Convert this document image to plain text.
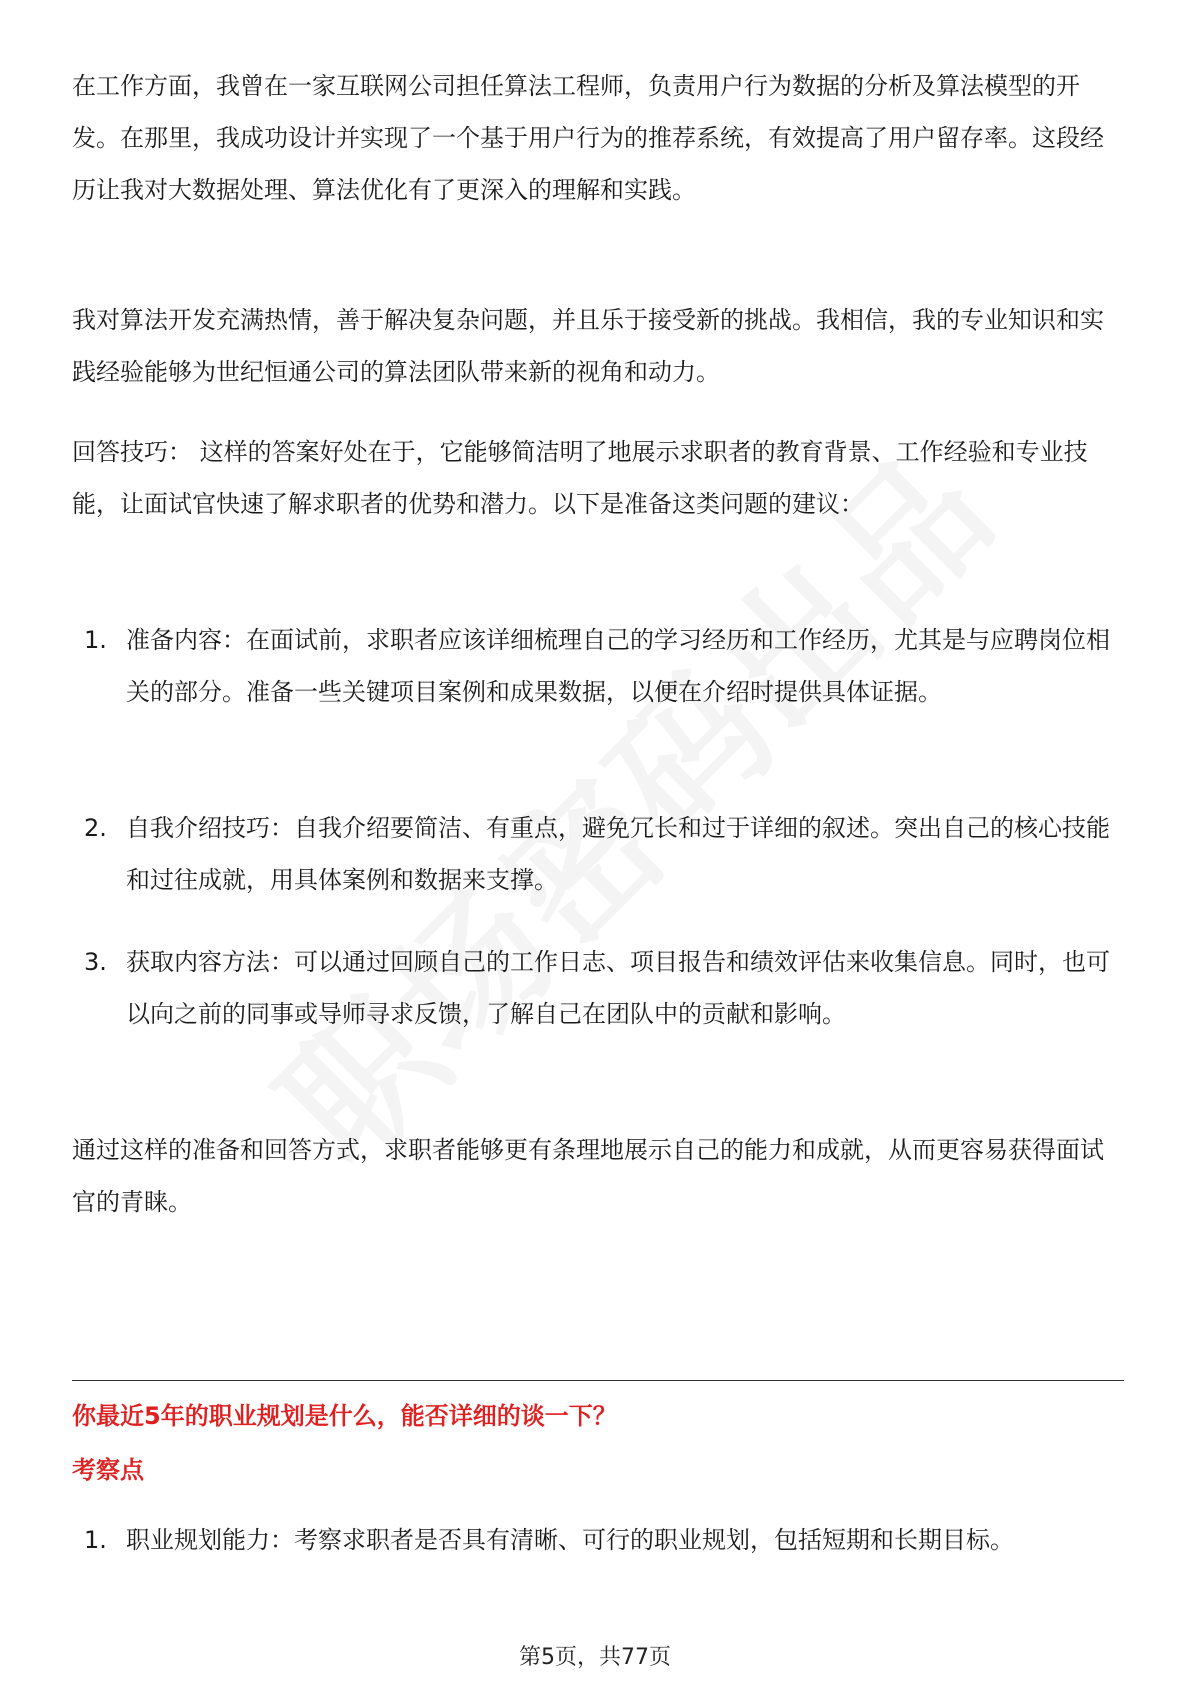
在工作方面，我曾在一家互联网公司担任算法工程师，负责用户行为数据的分析及算法模型的开发。在那里，我成功设计并实现了一个基于用户行为的推荐系统，有效提高了用户留存率。这段经历让我对大数据处理、算法优化有了更深入的理解和实践。

我对算法开发充满热情，善于解决复杂问题，并且乐于接受新的挑战。我相信，我的专业知识和实践经验能够为世纪恒通公司的算法团队带来新的视角和动力。

回答技巧： 这样的答案好处在于，它能够简洁明了地展示求职者的教育背景、工作经验和专业技能，让面试官快速了解求职者的优势和潜力。以下是准备这类问题的建议：

1. 准备内容：在面试前，求职者应该详细梳理自己的学习经历和工作经历，尤其是与应聘岗位相关的部分。准备一些关键项目案例和成果数据，以便在介绍时提供具体证据。
2. 自我介绍技巧：自我介绍要简洁、有重点，避免冗长和过于详细的叙述。突出自己的核心技能和过往成就，用具体案例和数据来支撑。
3. 获取内容方法：可以通过回顾自己的工作日志、项目报告和绩效评估来收集信息。同时，也可以向之前的同事或导师寻求反馈，了解自己在团队中的贡献和影响。

通过这样的准备和回答方式，求职者能够更有条理地展示自己的能力和成就，从而更容易获得面试官的青睐。

你最近5年的职业规划是什么，能否详细的谈一下？
考察点
1. 职业规划能力：考察求职者是否具有清晰、可行的职业规划，包括短期和长期目标。
第5页，共77页
